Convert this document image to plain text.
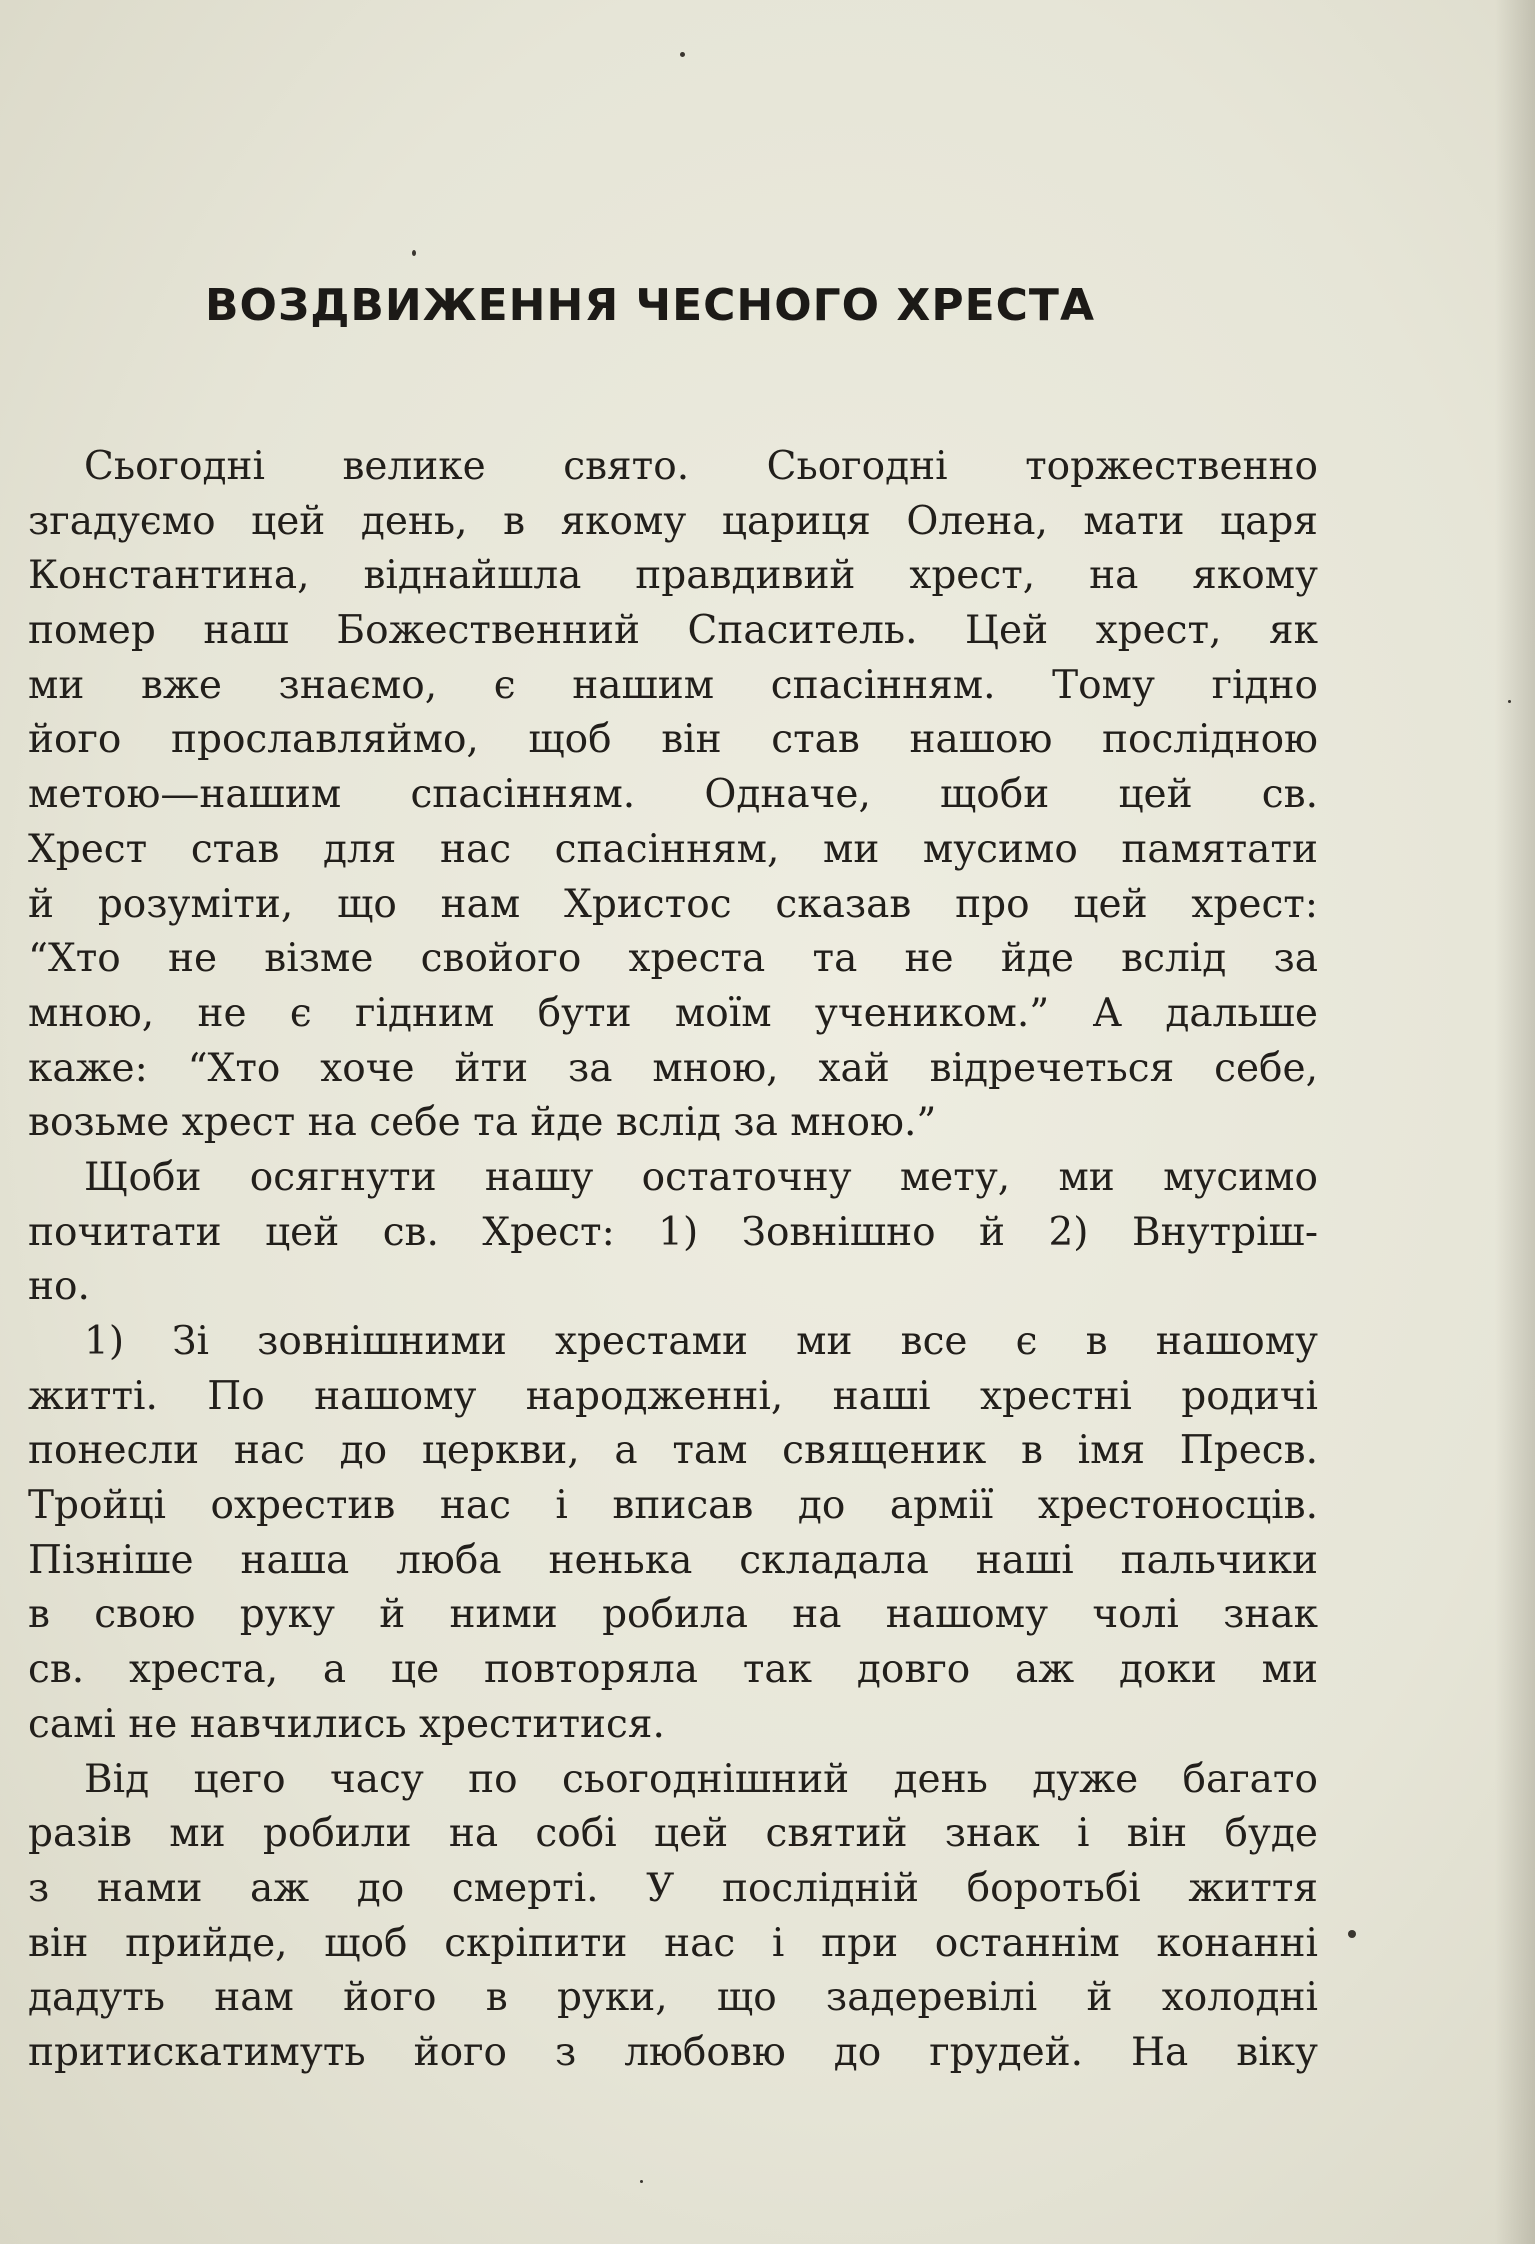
ВОЗДВИЖЕННЯ ЧЕСНОГО ХРЕСТА
Сьогодні велике свято. Сьогодні торжественно
згадуємо цей день, в якому цариця Олена, мати царя
Константина, віднайшла правдивий хрест, на якому
помер наш Божественний Спаситель. Цей хрест, як
ми вже знаємо, є нашим спасінням. Тому гідно
його прославляймо, щоб він став нашою послідною
метою—нашим спасінням. Одначе, щоби цей св.
Хрест став для нас спасінням, ми мусимо памятати
й розуміти, що нам Христос сказав про цей хрест:
“Хто не візме свойого хреста та не йде вслід за
мною, не є гідним бути моїм учеником.” А дальше
каже: “Хто хоче йти за мною, хай відречеться себе,
возьме хрест на себе та йде вслід за мною.”
Щоби осягнути нашу остаточну мету, ми мусимо
почитати цей св. Хрест: 1) Зовнішно й 2) Внутріш-
но.
1) Зі зовнішними хрестами ми все є в нашому
житті. По нашому народженні, наші хрестні родичі
понесли нас до церкви, а там священик в імя Пресв.
Тройці охрестив нас і вписав до армії хрестоносців.
Пізніше наша люба ненька складала наші пальчики
в свою руку й ними робила на нашому чолі знак
св. хреста, а це повторяла так довго аж доки ми
самі не навчились хреститися.
Від цего часу по сьогоднішний день дуже багато
разів ми робили на собі цей святий знак і він буде
з нами аж до смерті. У послідній боротьбі життя
він прийде, щоб скріпити нас і при останнім конанні
дадуть нам його в руки, що задеревілі й холодні
притискатимуть його з любовю до грудей. На віку
